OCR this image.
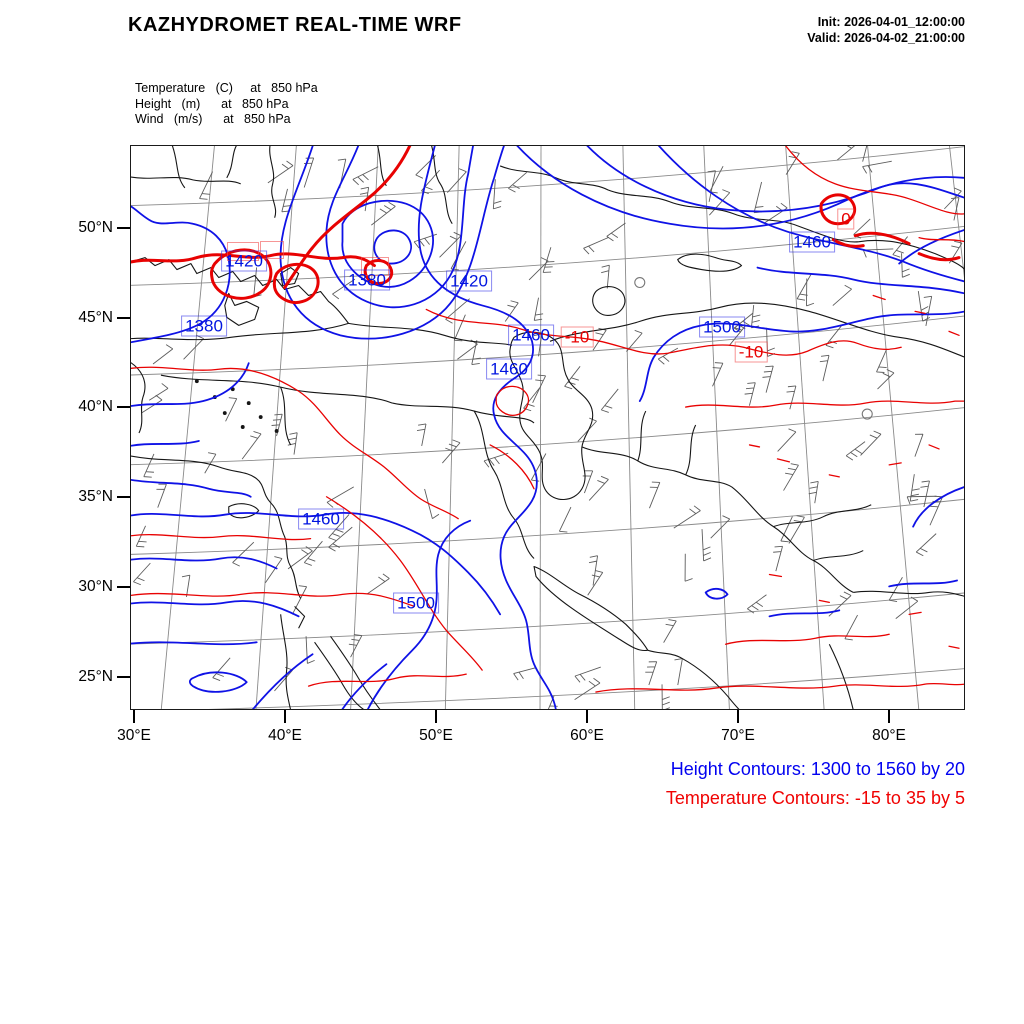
KAZHYDROMET REAL-TIME WRF	Init: 2026-04-01_12:00:00
Valid: 2026-04-02_21:00:00
Temperature   (C)     at   850 hPa
Height   (m)      at   850 hPa
Wind   (m/s)      at   850 hPa
-10
-10
0
1420
1380	1420
1380	1460	1500
1460
1460
1460
1500
50°N
45°N
40°N
35°N
30°N
25°N
30°E	40°E	50°E	60°E	70°E	80°E
Height Contours: 1300 to 1560 by 20
Temperature Contours: -15 to 35 by 5
